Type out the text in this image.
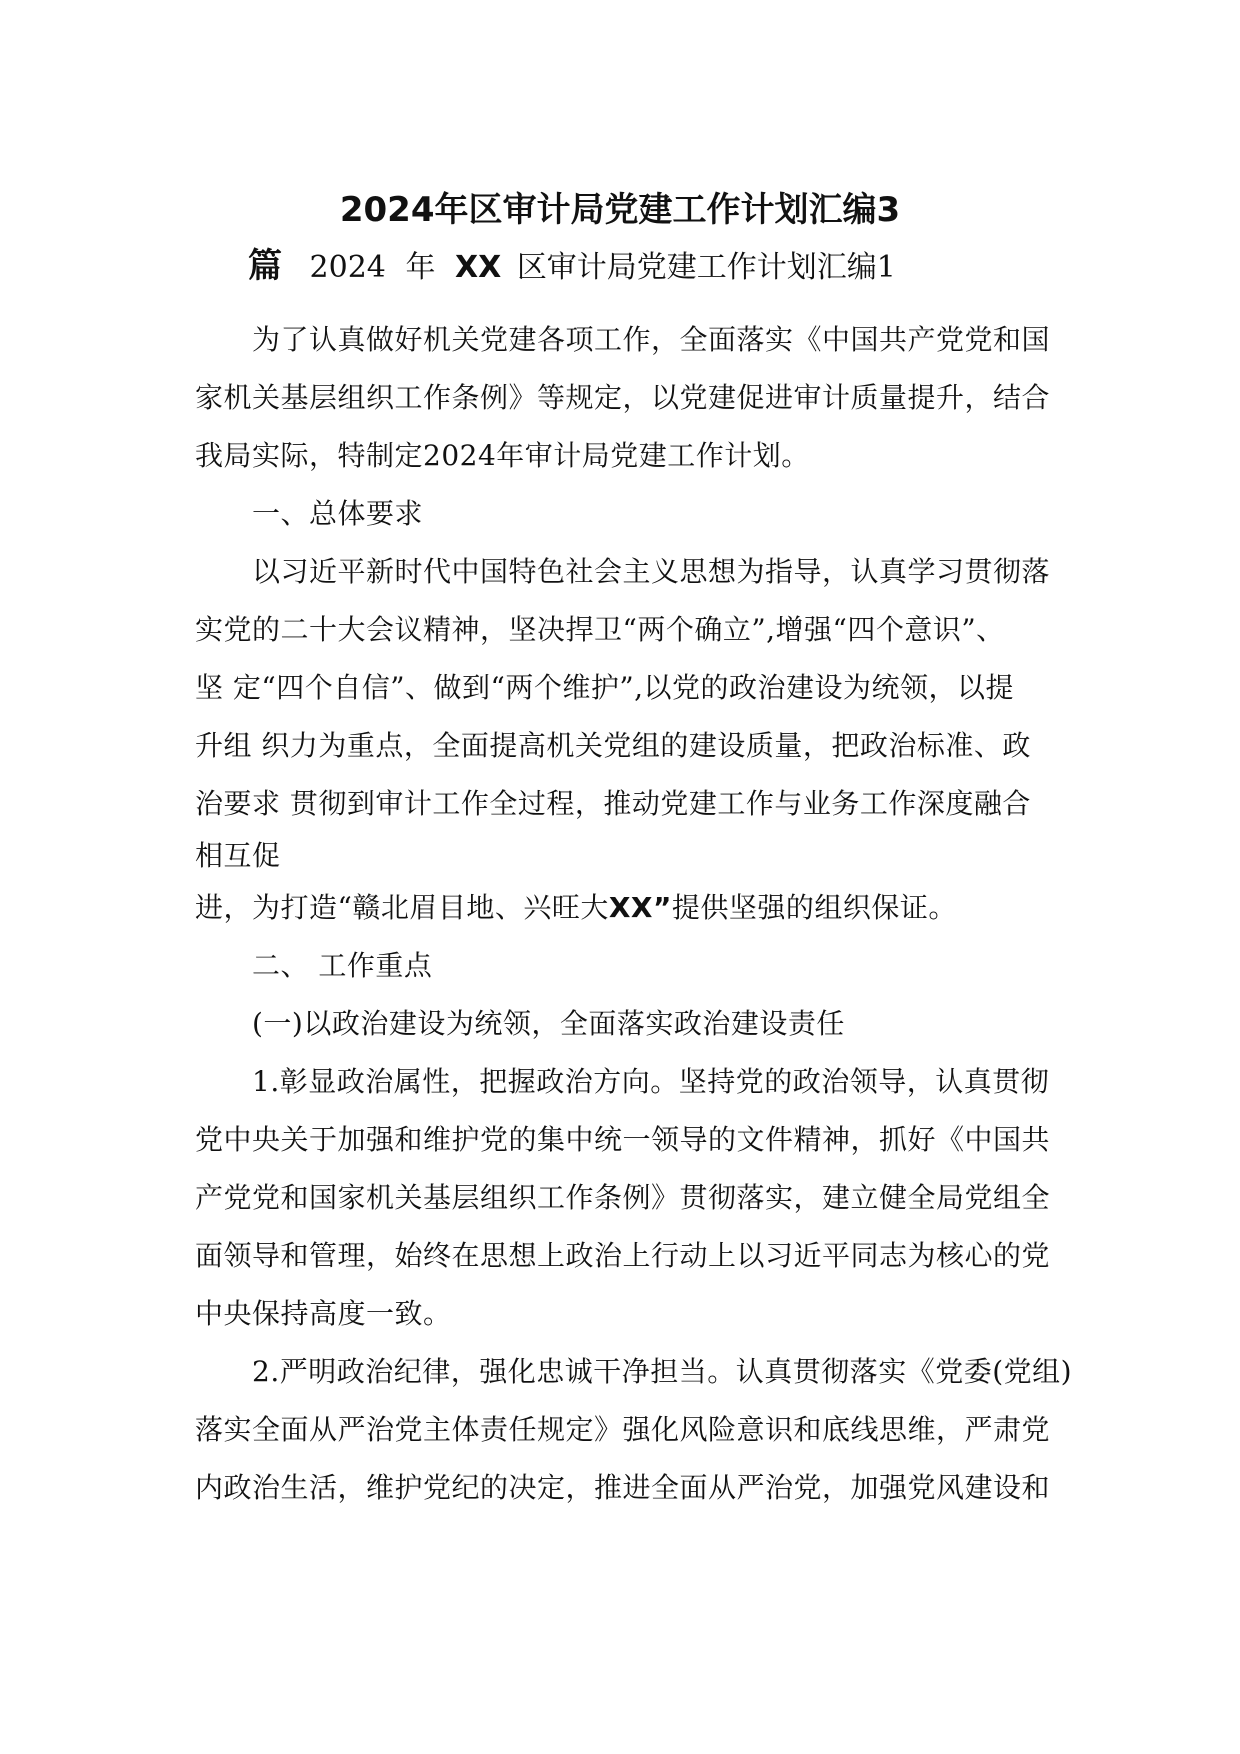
2024年区审计局党建工作计划汇编3
篇 2024 年 XX 区审计局党建工作计划汇编1
为了认真做好机关党建各项工作，全面落实《中国共产党党和国
家机关基层组织工作条例》等规定，以党建促进审计质量提升，结合
我局实际，特制定2024年审计局党建工作计划。
一、总体要求
以习近平新时代中国特色社会主义思想为指导，认真学习贯彻落
实党的二十大会议精神，坚决捍卫“两个确立”,增强“四个意识”、
坚 定“四个自信”、做到“两个维护”,以党的政治建设为统领，以提
升组 织力为重点，全面提高机关党组的建设质量，把政治标准、政
治要求 贯彻到审计工作全过程，推动党建工作与业务工作深度融合
相互促
进，为打造“赣北眉目地、兴旺大XX”提供坚强的组织保证。
二、 工作重点
(一)以政治建设为统领，全面落实政治建设责任
1.彰显政治属性，把握政治方向。坚持党的政治领导，认真贯彻
党中央关于加强和维护党的集中统一领导的文件精神，抓好《中国共
产党党和国家机关基层组织工作条例》贯彻落实，建立健全局党组全
面领导和管理，始终在思想上政治上行动上以习近平同志为核心的党
中央保持高度一致。
2.严明政治纪律，强化忠诚干净担当。认真贯彻落实《党委(党组)
落实全面从严治党主体责任规定》强化风险意识和底线思维，严肃党
内政治生活，维护党纪的决定，推进全面从严治党，加强党风建设和
